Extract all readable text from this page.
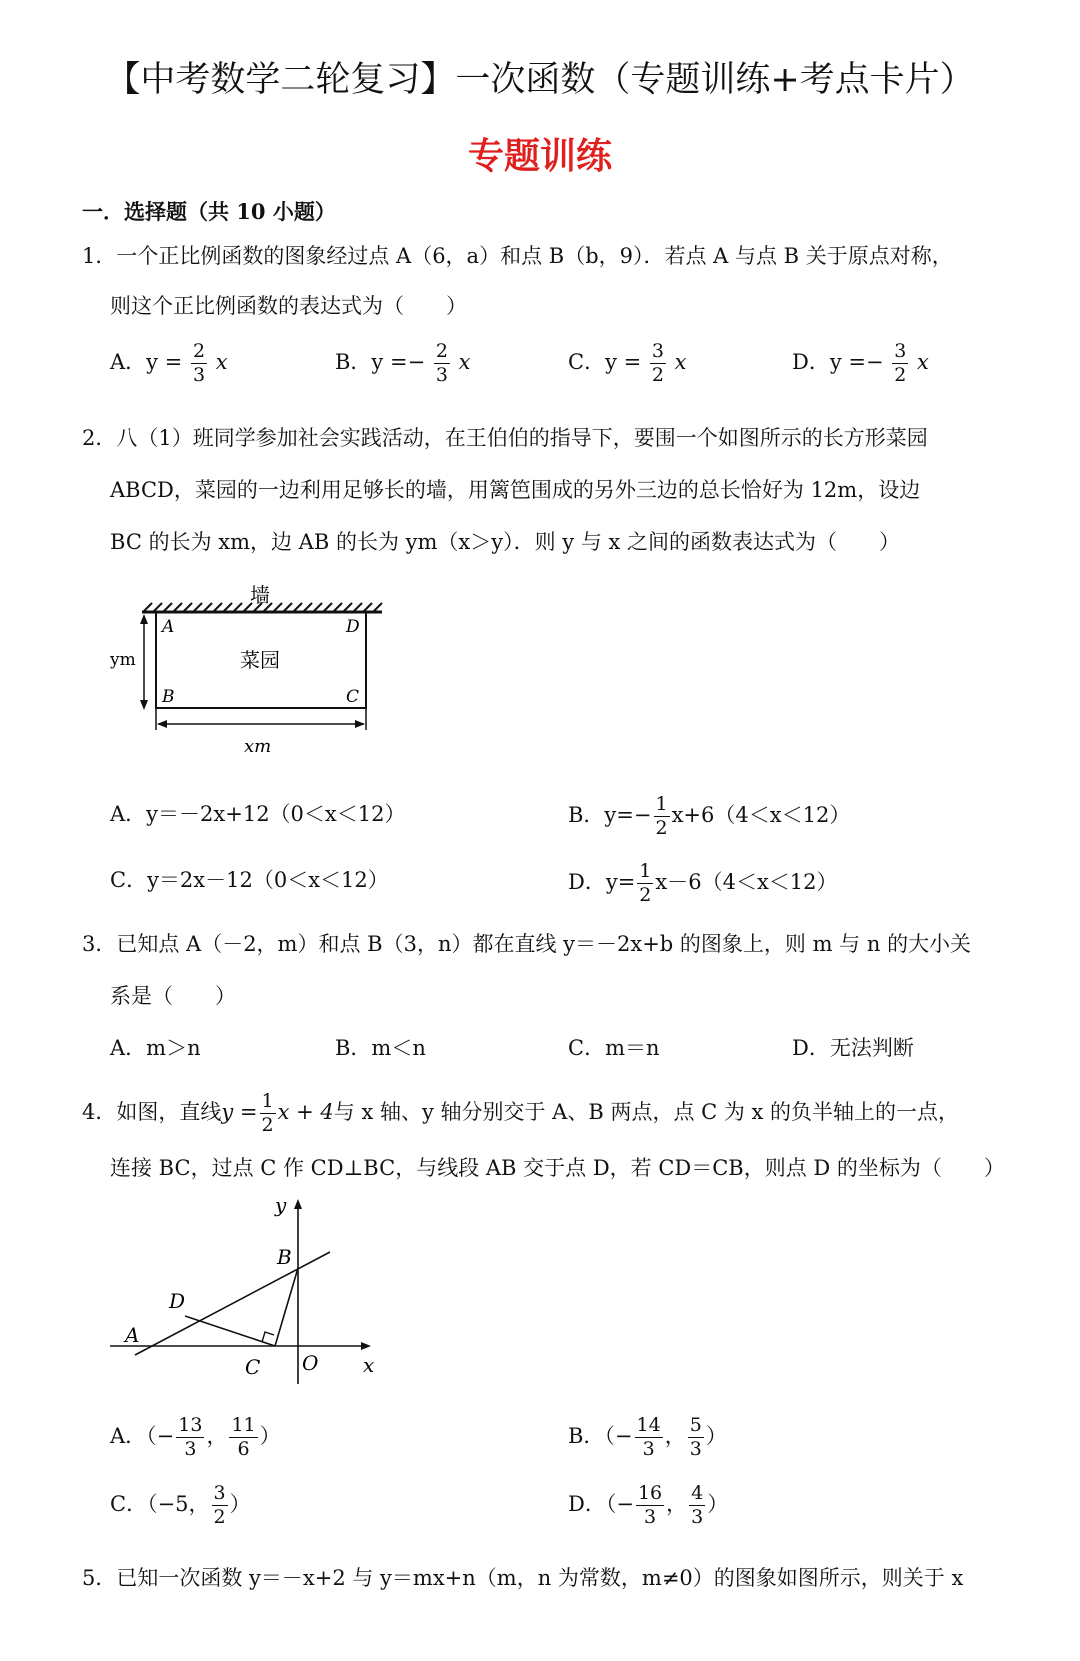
【中考数学二轮复习】一次函数（专题训练+考点卡片）
专题训练
一．选择题（共 10 小题）
1．一个正比例函数的图象经过点 A（6，a）和点 B（b，9）．若点 A 与点 B 关于原点对称，
则这个正比例函数的表达式为（　　）
A．$y = \frac{2}{3}$ x	B．$y =- \frac{2}{3}$ x	C．$y = \frac{3}{2}$ x	D．$y =- \frac{3}{2}$ x
2．八（1）班同学参加社会实践活动，在王伯伯的指导下，要围一个如图所示的长方形菜园
ABCD，菜园的一边利用足够长的墙，用篱笆围成的另外三边的总长恰好为 12m，设边
BC 的长为 xm，边 AB 的长为 ym（x＞y）．则 y 与 x 之间的函数表达式为（　　）
墙
菜园
A	D
B	C
ym
xm
A．y＝－2x+12（0＜x＜12）	B．$y=- \frac{1}{2} x+6(4<x<12)$
C．y＝2x－12（0＜x＜12）	D．$y= \frac{1}{2} x-6(4<x<12)$
3．已知点 A（－2，m）和点 B（3，n）都在直线 y＝－2x+b 的图象上，则 m 与 n 的大小关
系是（　　）
A．m＞n	B．m＜n	C．m＝n	D．无法判断
4．如图，直线$y = \frac{1}{2}$ x + 4与 x 轴、y 轴分别交于 A、B 两点，点 C 为 x 的负半轴上的一点，
连接 BC，过点 C 作 CD⊥BC，与线段 AB 交于点 D，若 CD＝CB，则点 D 的坐标为（　　）
x
y
A
B
C
D
O
A．（− $\frac{13}{3}$ ， $\frac{11}{6}$ ）	B．（− $\frac{14}{3}$ ， $\frac{5}{3}$ ）
C．（−5， $\frac{3}{2}$ ）	D．（− $\frac{16}{3}$ ， $\frac{4}{3}$ ）
5．已知一次函数 y＝－x+2 与 y＝mx+n（m，n 为常数，m≠0）的图象如图所示，则关于 x
